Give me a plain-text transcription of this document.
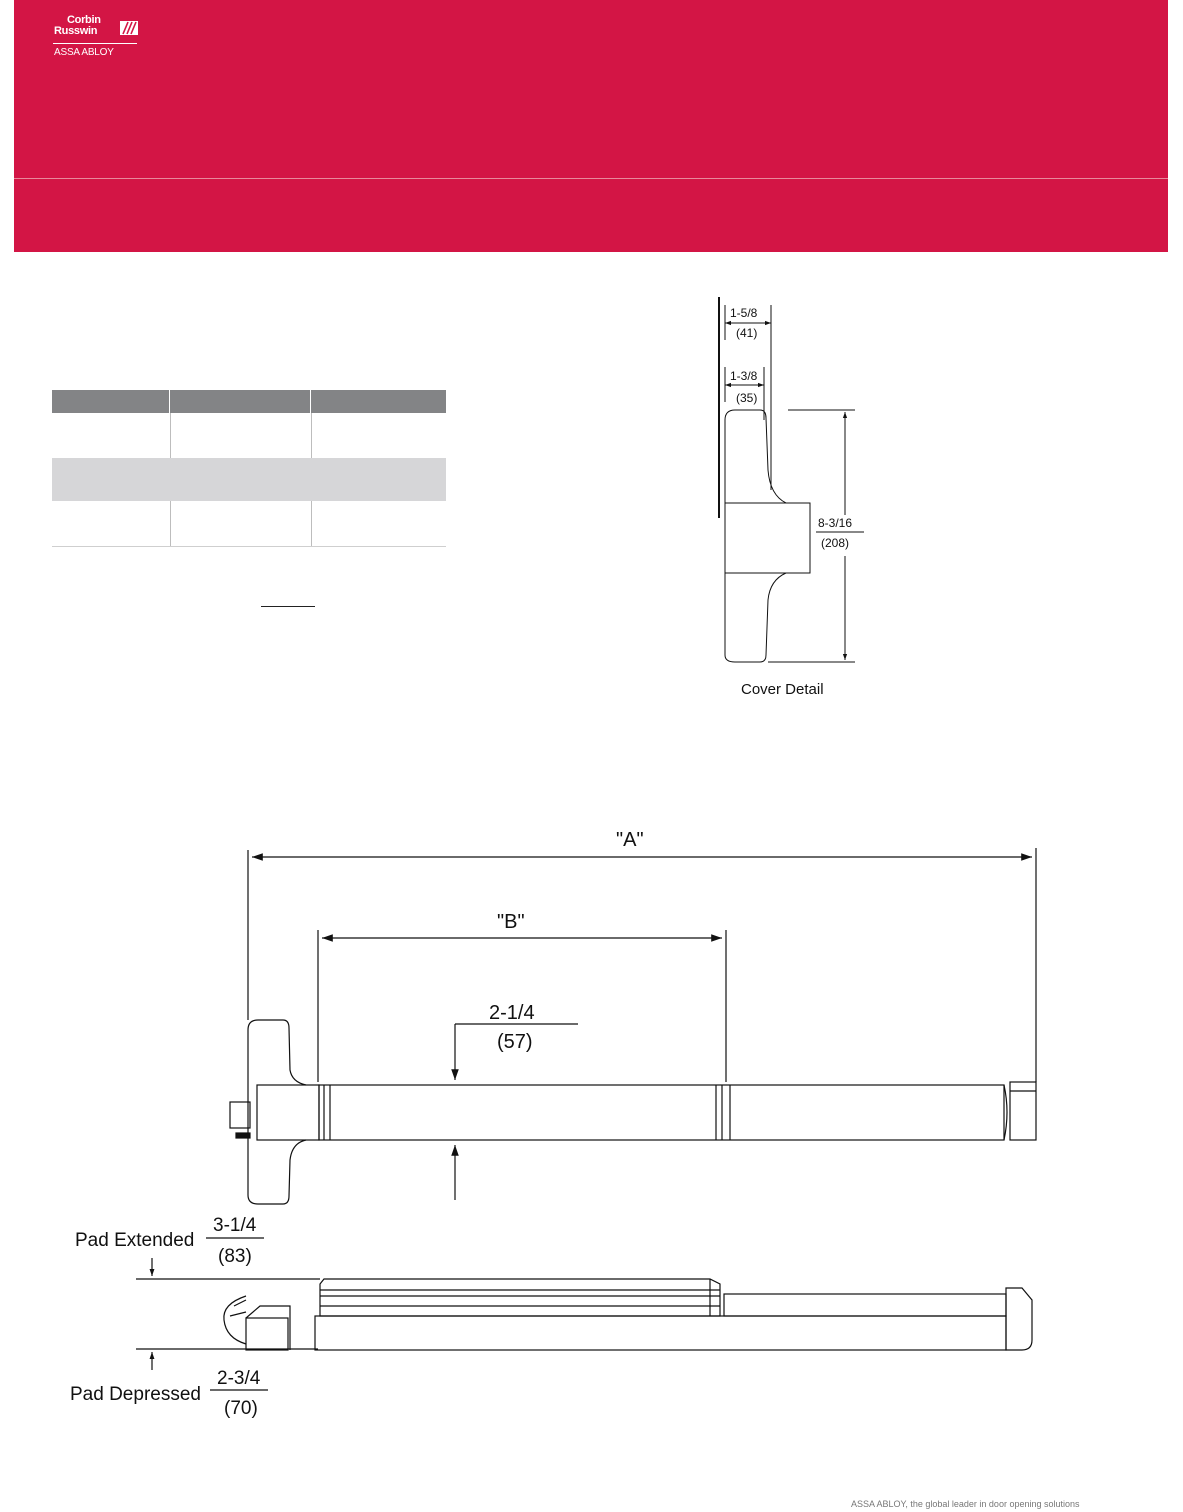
Corbin
Russwin
ASSA ABLOY
1-5/8
(41)
1-3/8
(35)
8-3/16
(208)
Cover Detail
"A"
"B"
2-1/4
(57)
Pad Extended
3-1/4
(83)
Pad Depressed
2-3/4
(70)
ASSA ABLOY, the global leader in door opening solutions
